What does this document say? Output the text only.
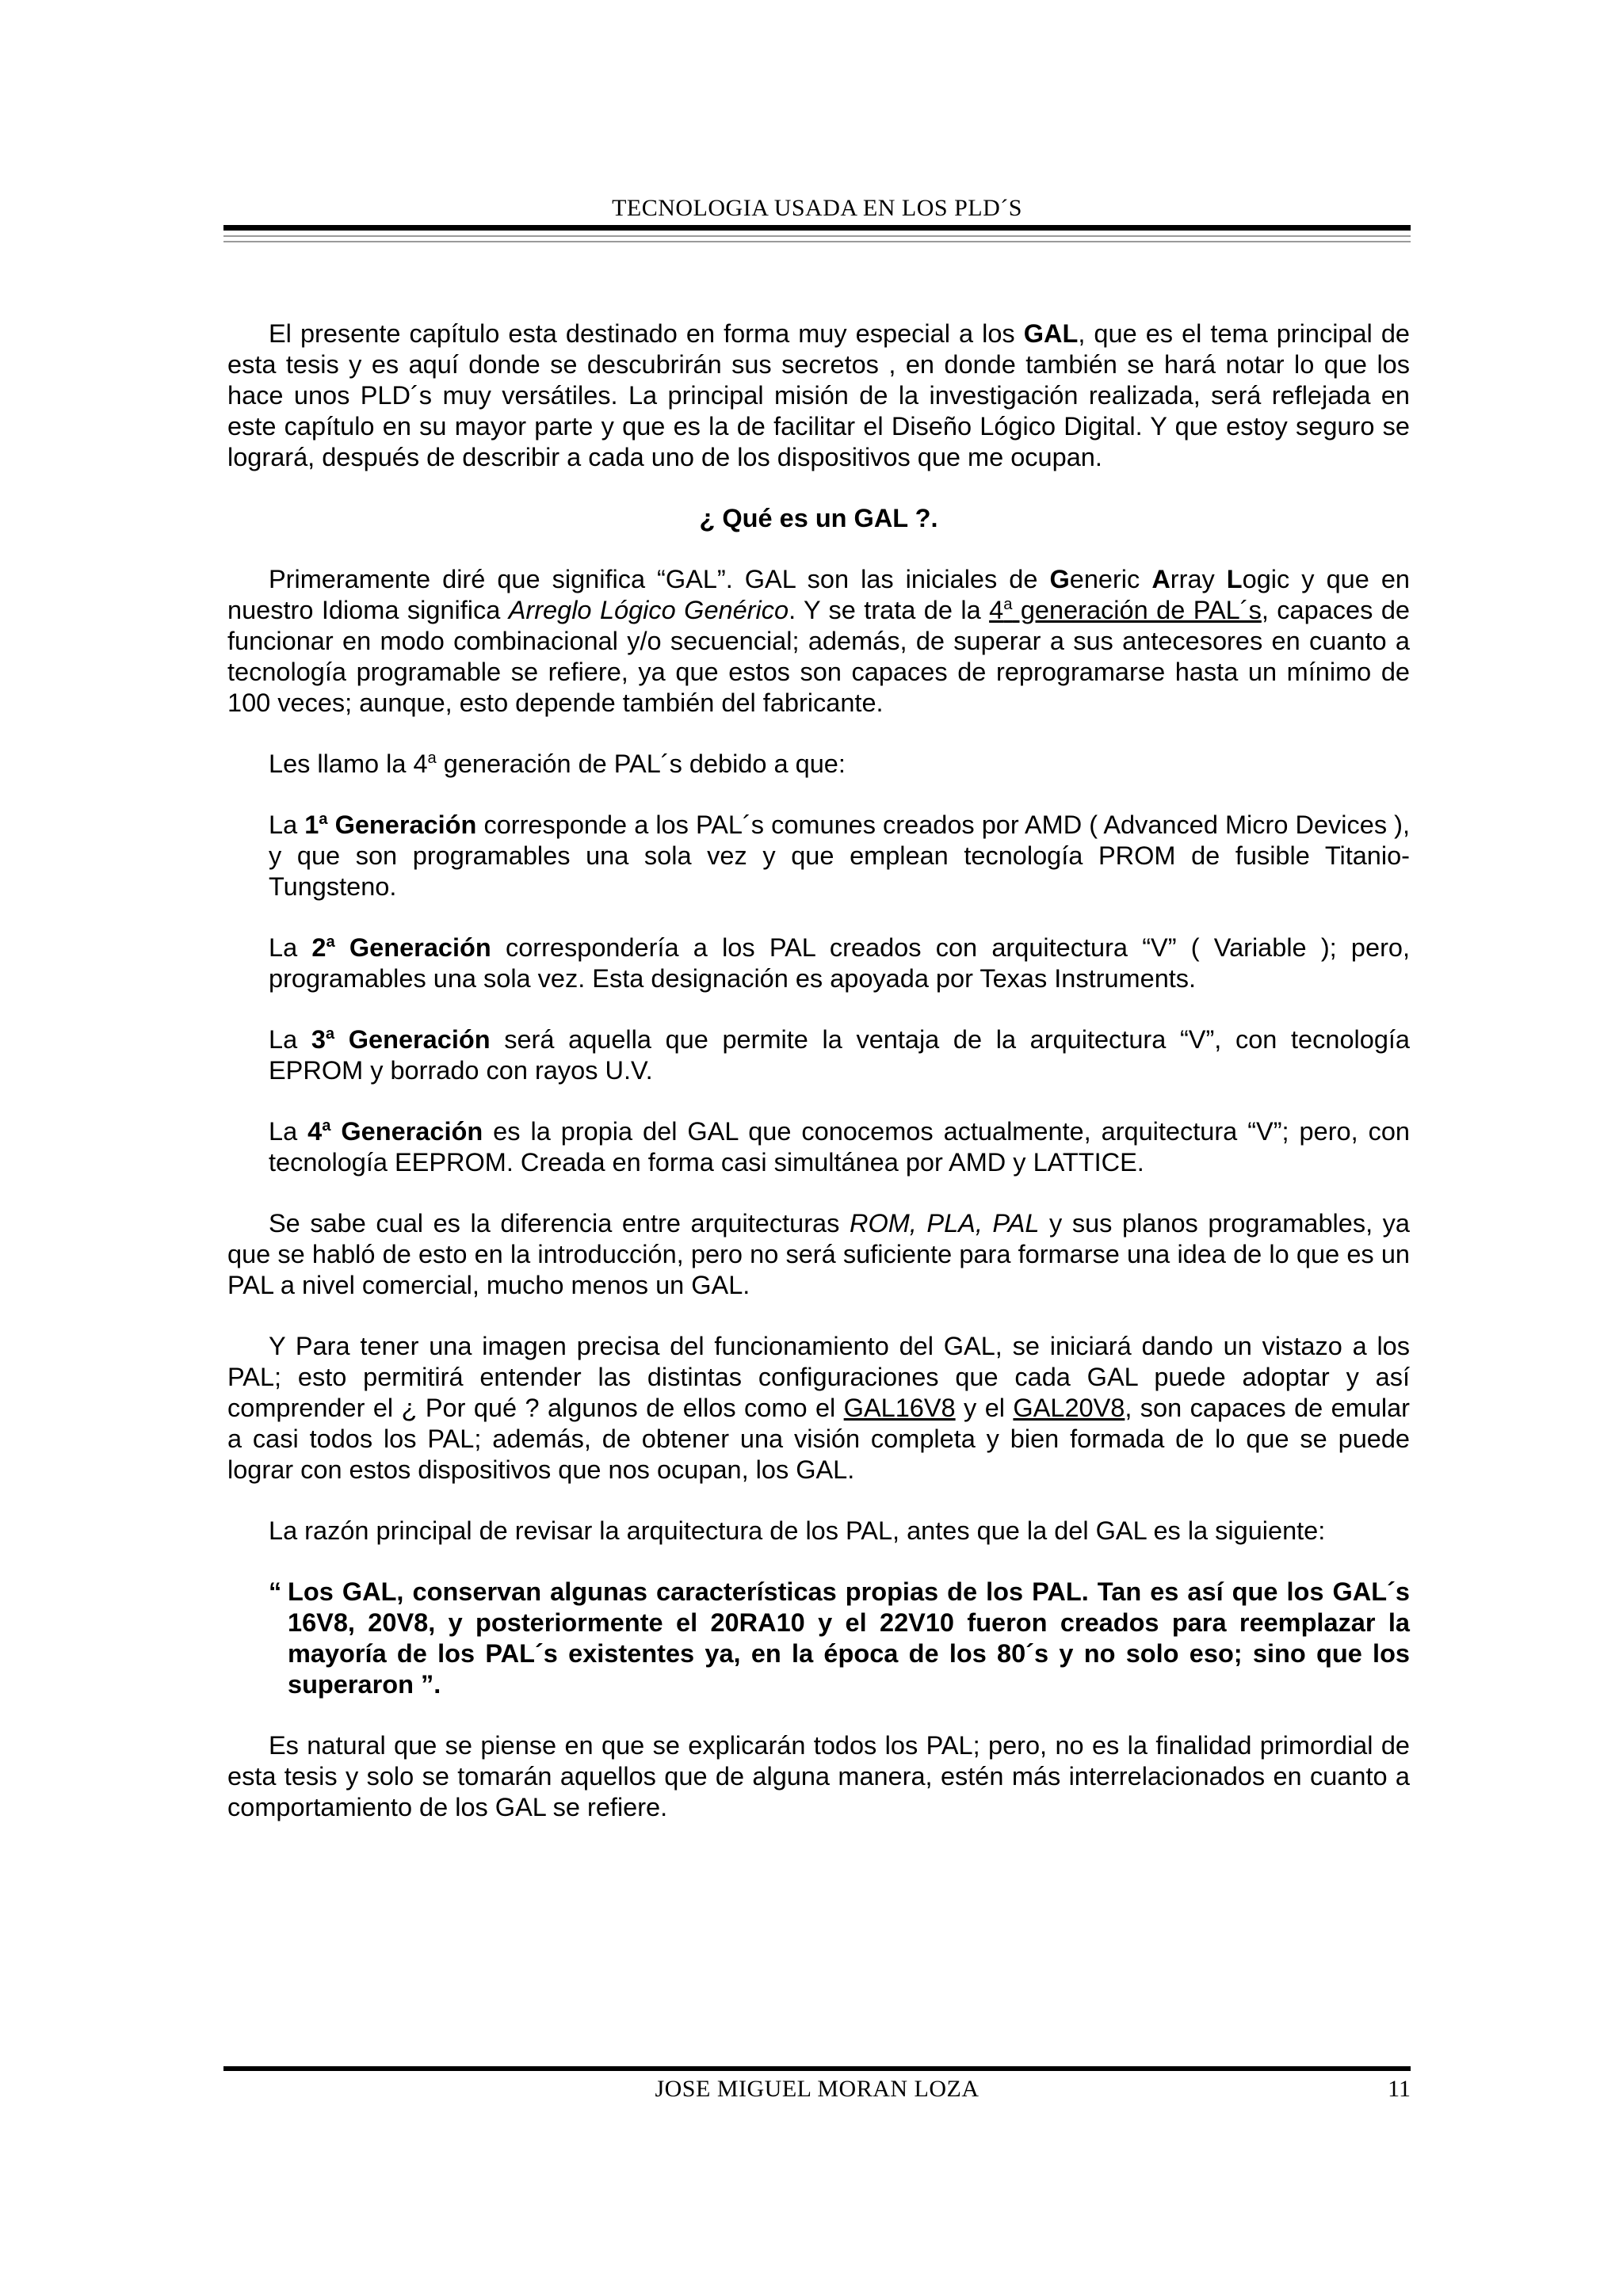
TECNOLOGIA USADA EN LOS PLD´S

El presente capítulo esta destinado en forma muy especial a los GAL, que es el tema principal de esta tesis y es aquí donde se descubrirán sus secretos , en donde también se hará notar lo que los hace unos PLD´s muy versátiles. La principal misión de la investigación realizada, será reflejada en este capítulo en su mayor parte y que es la de facilitar el Diseño Lógico Digital. Y que estoy seguro se logrará, después de describir a cada uno de los dispositivos que me ocupan.

¿ Qué es un GAL ?.

Primeramente diré que significa “GAL”. GAL son las iniciales de Generic Array Logic y que en nuestro Idioma significa Arreglo Lógico Genérico. Y se trata de la 4$^a$ generación de PAL´s, capaces de funcionar en modo combinacional y/o secuencial; además, de superar a sus antecesores en cuanto a tecnología programable se refiere, ya que estos son capaces de reprogramarse hasta un mínimo de 100 veces; aunque, esto depende también del fabricante.

Les llamo la 4$^a$ generación de PAL´s debido a que:

La 1$^a$ Generación corresponde a los PAL´s comunes creados por AMD ( Advanced Micro Devices ), y que son programables una sola vez y que emplean tecnología PROM de fusible Titanio-Tungsteno.

La 2$^a$ Generación correspondería a los PAL creados con arquitectura “V” ( Variable ); pero, programables una sola vez. Esta designación es apoyada por Texas Instruments.

La 3$^a$ Generación será aquella que permite la ventaja de la arquitectura “V”, con tecnología EPROM y borrado con rayos U.V.

La 4$^a$ Generación es la propia del GAL que conocemos actualmente, arquitectura “V”; pero, con tecnología EEPROM. Creada en forma casi simultánea por AMD y LATTICE.

Se sabe cual es la diferencia entre arquitecturas ROM, PLA, PAL y sus planos programables, ya que se habló de esto en la introducción, pero no será suficiente para formarse una idea de lo que es un PAL a nivel comercial, mucho menos un GAL.

Y Para tener una imagen precisa del funcionamiento del GAL, se iniciará dando un vistazo a los PAL; esto permitirá entender las distintas configuraciones que cada GAL puede adoptar y así comprender el ¿ Por qué ? algunos de ellos como el GAL16V8 y el GAL20V8, son capaces de emular a casi todos los PAL; además, de obtener una visión completa y bien formada de lo que se puede lograr con estos dispositivos que nos ocupan, los GAL.

La razón principal de revisar la arquitectura de los PAL, antes que la del GAL es la siguiente:

“ Los GAL, conservan algunas características propias de los PAL. Tan es así que los GAL´s 16V8, 20V8, y posteriormente el 20RA10 y el 22V10 fueron creados para reemplazar la mayoría de los PAL´s existentes ya, en la época de los 80´s y no solo eso; sino que los superaron ”.

Es natural que se piense en que se explicarán todos los PAL; pero, no es la finalidad primordial de esta tesis y solo se tomarán aquellos que de alguna manera, estén más interrelacionados en cuanto a comportamiento de los GAL se refiere.

JOSE MIGUEL MORAN LOZA	11
